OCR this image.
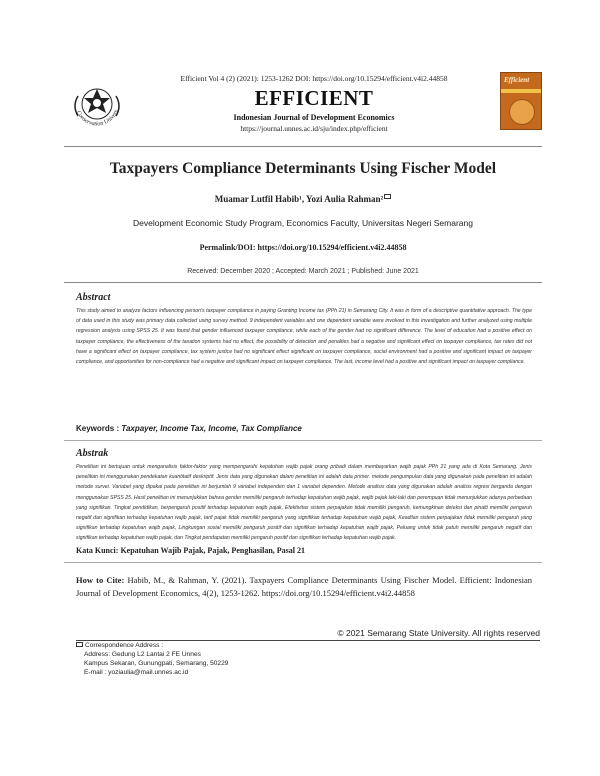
Conservation Univers
Efficient Vol 4 (2) (2021): 1253-1262 DOI: https://doi.org/10.15294/efficient.v4i2.44858
EFFICIENT
Indonesian Journal of Development Economics
https://journal.unnes.ac.id/sju/index.php/efficient
Efficient
Taxpayers Compliance Determinants Using Fischer Model
Muamar Lutfil Habib¹, Yozi Aulia Rahman²
Development Economic Study Program, Economics Faculty, Universitas Negeri Semarang
Permalink/DOI: https://doi.org/10.15294/efficient.v4i2.44858
Received: December 2020 ; Accepted: March 2021 ; Published: June 2021
Abstract
This study aimed to analyze factors influencing person's taxpayer compliance in paying Granting Income tax (PPh 21) in Semarang City. It was in form of a descriptive quantitative approach. The type of data used in this study was primary data collected using survey method. 9 independent variables and one dependent variable were involved in this investigation and further analyzed using multiple regression analysis using SPSS 25. It was found that gender influenced taxpayer compliance, while each of the gender had no significant difference. The level of education had a positive effect on taxpayer compliance, the effectiveness of the taxation systems had no effect, the possibility of detection and penalties had a negative and significant effect on taxpayer compliance, tax rates did not have a significant effect on taxpayer compliance, tax system justice had no significant effect significant on taxpayer compliance, social environment had a positive and significant impact on taxpayer compliance, and opportunities for non-compliance had a negative and significant impact on taxpayer compliance. The last, income level had a positive and significant impact on taxpayer compliance.
Keywords : Taxpayer, Income Tax, Income, Tax Compliance
Abstrak
Penelitian ini bertujuan untuk menganalisis faktor-faktor yang mempengaruhi kepatuhan wajib pajak orang pribadi dalam membayarkan wajib pajak PPh 21 yang ada di Kota Semarang. Jenis penelitian ini menggunakan pendekatan kuantitatif deskriptif. Jenis data yang digunakan dalam penelitian ini adalah data primer. metode pengumpulan data yang digunakan pada penelitian ini adalah metode survei. Variabel yang dipakai pada penelitian ini berjumlah 9 variabel independen dan 1 variabel dependen. Metode analisis data yang digunakan adalah analisis regresi berganda dengan menggunakan SPSS 25. Hasil penelitian ini menunjukkan bahwa gender memiliki pengaruh terhadap kepatuhan wajib pajak, wajib pajak laki-laki dan perempuan tidak menunjukkan adanya perbedaan yang signifikan. Tingkat pendidikan, berpengaruh positif terhadap kepatuhan wajib pajak, Efektivitas sistem perpajakan tidak memiliki pengaruh, kemungkinan deteksi dan pinalti memiliki pengaruh negatif dan signifikan terhadap kepatuhan wajib pajak, tarif pajak tidak memiliki pengaruh yang signifikan terhadap kepatuhan wajib pajak, Keadilan sistem perpajakan tidak memiliki pengaruh yang signifikan terhadap kepatuhan wajib pajak, Lingkungan sosial memiliki pengaruh positif dan signifikan terhadap kepatuhan wajib pajak, Peluang untuk tidak patuh memiliki pengaruh negatif dan signifikan terhadap kepatuhan wajib pajak, dan Tingkat pendapatan memiliki pengaruh positif dan signifikan terhadap kepatuhan wajib pajak.
Kata Kunci: Kepatuhan Wajib Pajak, Pajak, Penghasilan, Pasal 21
How to Cite: Habib, M., & Rahman, Y. (2021). Taxpayers Compliance Determinants Using Fischer Model. Efficient: Indonesian Journal of Development Economics, 4(2), 1253-1262. https://doi.org/10.15294/efficient.v4i2.44858
© 2021 Semarang State University. All rights reserved
Correspondence Address :
Address: Gedung L2 Lantai 2 FE Unnes
Kampus Sekaran, Gunungpati, Semarang, 50229
E-mail : yoziaulia@mail.unnes.ac.id
